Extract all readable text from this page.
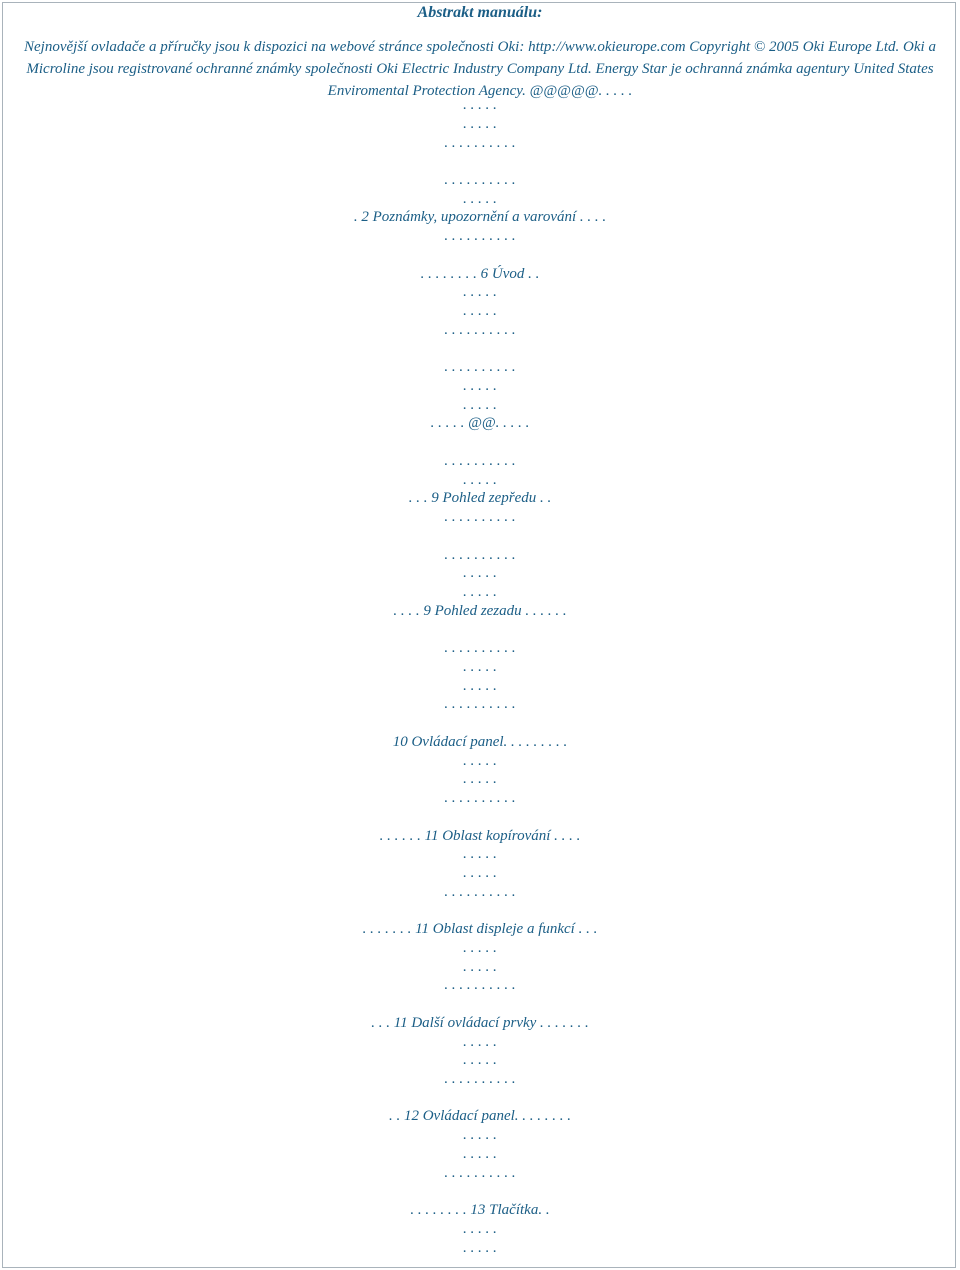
Abstrakt manuálu:
Nejnovější ovladače a příručky jsou k dispozici na webové stránce společnosti Oki: http://www.okieurope.com Copyright © 2005 Oki Europe Ltd. Oki a
Microline jsou registrované ochranné známky společnosti Oki Electric Industry Company Ltd. Energy Star je ochranná známka agentury United States
Enviromental Protection Agency. @@@@@. . . . .
. . . . .
. . . . .
. . . . . . . . . .
. . . . . . . . . .
. . . . .
. 2 Poznámky, upozornění a varování . . . .
. . . . . . . . . .
. . . . . . . . 6 Úvod . .
. . . . .
. . . . .
. . . . . . . . . .
. . . . . . . . . .
. . . . .
. . . . .
. . . . . @@. . . . .
. . . . . . . . . .
. . . . .
. . . 9 Pohled zepředu . .
. . . . . . . . . .
. . . . . . . . . .
. . . . .
. . . . .
. . . . 9 Pohled zezadu . . . . . .
. . . . . . . . . .
. . . . .
. . . . .
. . . . . . . . . .
10 Ovládací panel. . . . . . . . .
. . . . .
. . . . .
. . . . . . . . . .
. . . . . . 11 Oblast kopírování . . . .
. . . . .
. . . . .
. . . . . . . . . .
. . . . . . . 11 Oblast displeje a funkcí . . .
. . . . .
. . . . .
. . . . . . . . . .
. . . 11 Další ovládací prvky . . . . . . .
. . . . .
. . . . .
. . . . . . . . . .
. . 12 Ovládací panel. . . . . . . .
. . . . .
. . . . .
. . . . . . . . . .
. . . . . . . . 13 Tlačítka. .
. . . . .
. . . . .
